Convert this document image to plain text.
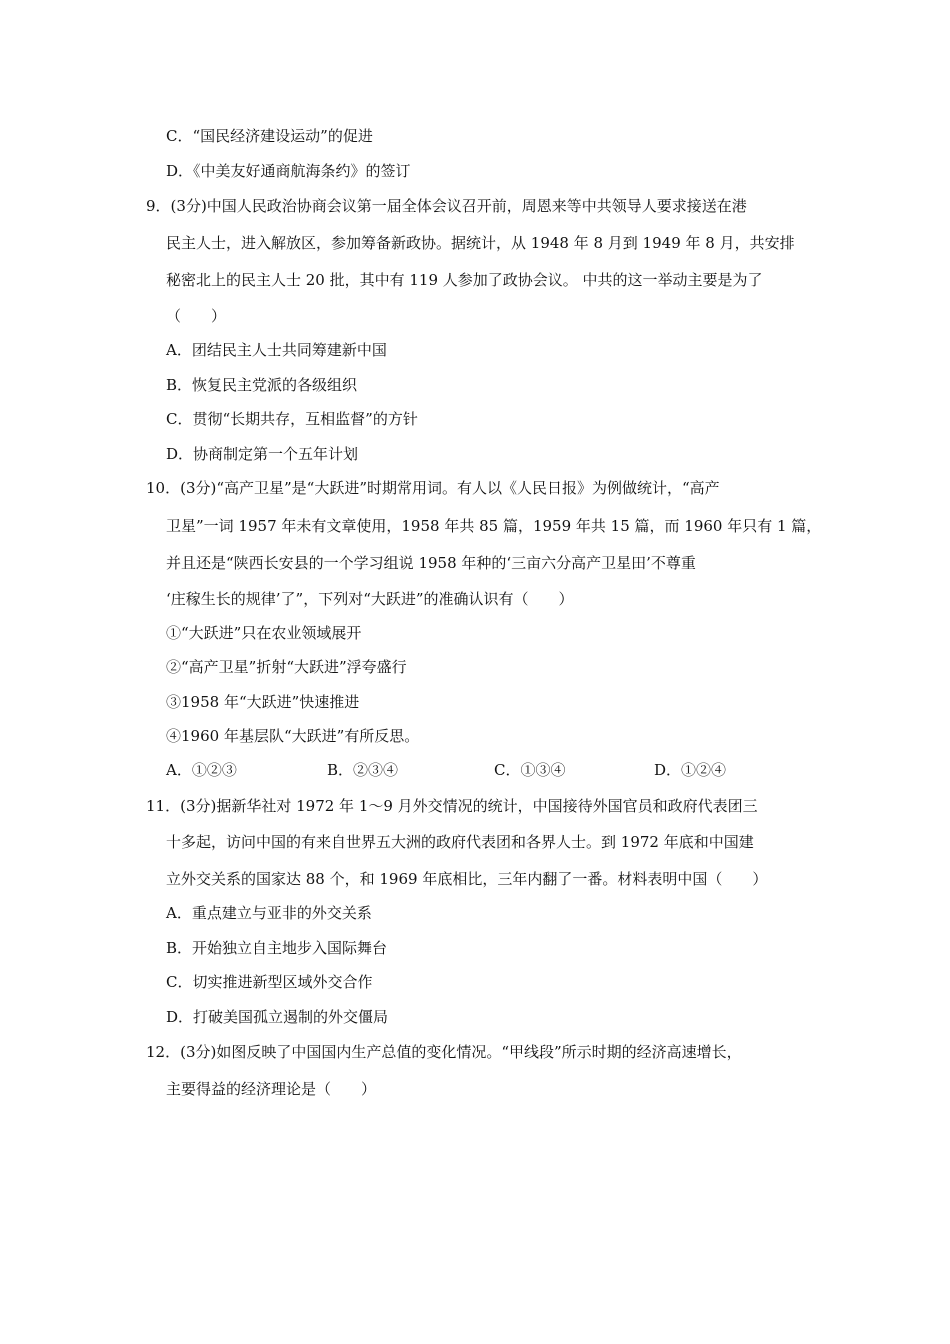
C．“国民经济建设运动”的促进
D．《中美友好通商航海条约》的签订
9．(3分)中国人民政治协商会议第一届全体会议召开前，周恩来等中共领导人要求接送在港
民主人士，进入解放区，参加筹备新政协。据统计，从 1948 年 8 月到 1949 年 8 月，共安排
秘密北上的民主人士 20 批，其中有 119 人参加了政协会议。 中共的这一举动主要是为了
（　　）
A．团结民主人士共同筹建新中国
B．恢复民主党派的各级组织
C．贯彻“长期共存，互相监督”的方针
D．协商制定第一个五年计划
10．(3分)“高产卫星”是“大跃进”时期常用词。有人以《人民日报》为例做统计，“高产
卫星”一词 1957 年未有文章使用，1958 年共 85 篇，1959 年共 15 篇，而 1960 年只有 1 篇，
并且还是“陕西长安县的一个学习组说 1958 年种的‘三亩六分高产卫星田’不尊重
‘庄稼生长的规律’了”，下列对“大跃进”的准确认识有（　　）
①“大跃进”只在农业领域展开
②“高产卫星”折射“大跃进”浮夸盛行
③1958 年“大跃进”快速推进
④1960 年基层队“大跃进”有所反思。
A．①②③	B．②③④	C．①③④	D．①②④
11．(3分)据新华社对 1972 年 1～9 月外交情况的统计，中国接待外国官员和政府代表团三
十多起，访问中国的有来自世界五大洲的政府代表团和各界人士。到 1972 年底和中国建
立外交关系的国家达 88 个，和 1969 年底相比，三年内翻了一番。材料表明中国（　　）
A．重点建立与亚非的外交关系
B．开始独立自主地步入国际舞台
C．切实推进新型区域外交合作
D．打破美国孤立遏制的外交僵局
12．(3分)如图反映了中国国内生产总值的变化情况。“甲线段”所示时期的经济高速增长，
主要得益的经济理论是（　　）
